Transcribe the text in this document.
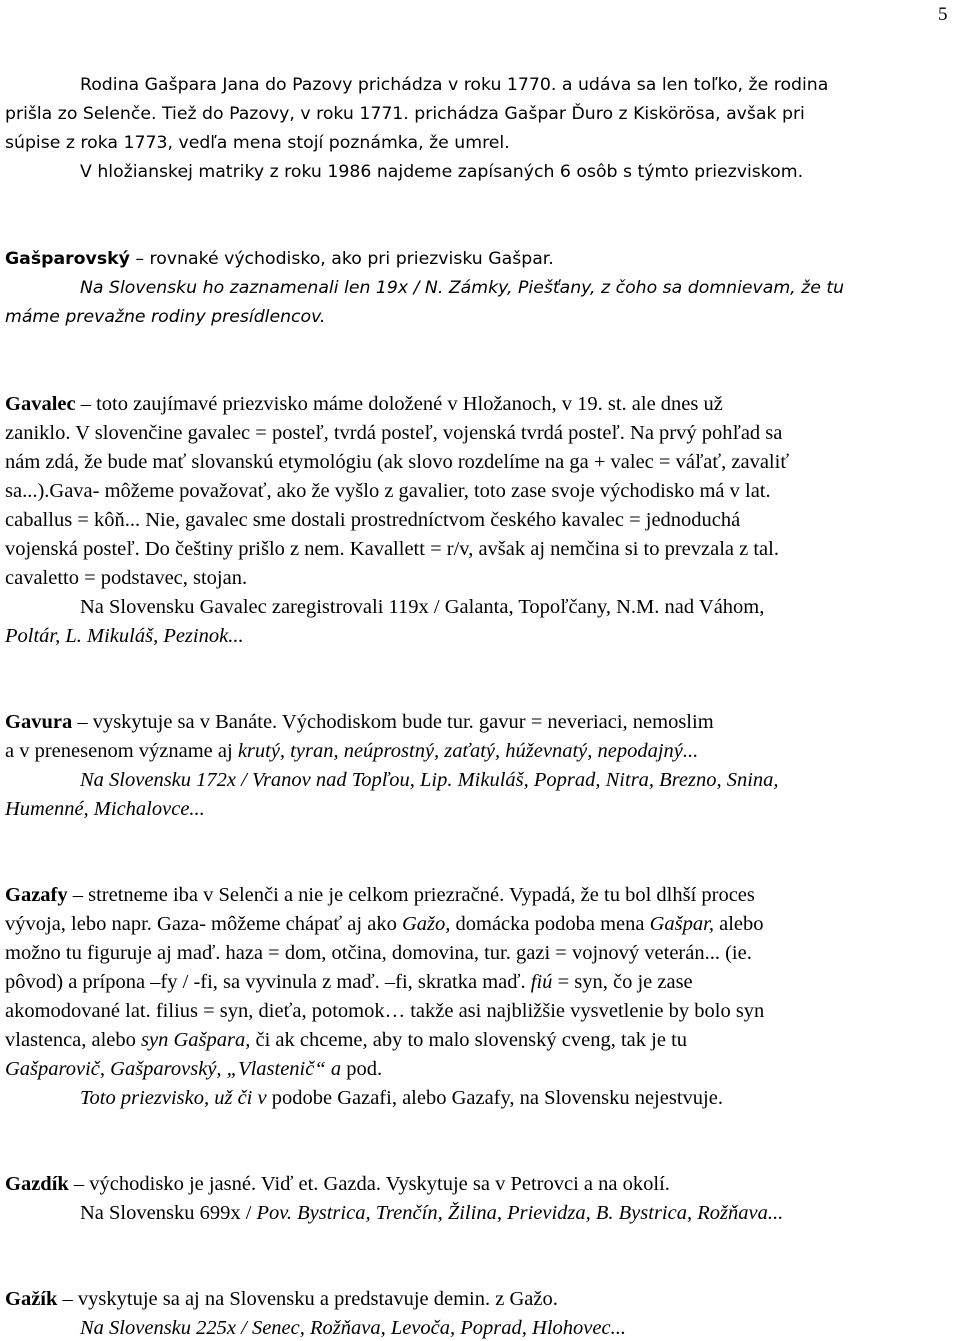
5
Rodina Gašpara Jana do Pazovy prichádza v roku 1770. a udáva sa len toľko, že rodina
prišla zo Selenče. Tiež do Pazovy, v roku 1771. prichádza Gašpar Ďuro z Kiskörösa, avšak pri
súpise z roka 1773, vedľa mena stojí poznámka, že umrel.
V hložianskej matriky z roku 1986 najdeme zapísaných 6 osôb s týmto priezviskom.
Gašparovský – rovnaké východisko, ako pri priezvisku Gašpar.
Na Slovensku ho zaznamenali len 19x / N. Zámky, Piešťany, z čoho sa domnievam, že tu
máme prevažne rodiny presídlencov.
Gavalec – toto zaujímavé priezvisko máme doložené v Hložanoch, v 19. st. ale dnes už
zaniklo. V slovenčine gavalec = posteľ, tvrdá posteľ, vojenská tvrdá posteľ. Na prvý pohľad sa
nám zdá, že bude mať slovanskú etymológiu (ak slovo rozdelíme na ga + valec = váľať, zavaliť
sa...).Gava- môžeme považovať, ako že vyšlo z gavalier, toto zase svoje východisko má v lat.
caballus = kôň... Nie, gavalec sme dostali prostredníctvom českého kavalec = jednoduchá
vojenská posteľ. Do češtiny prišlo z nem. Kavallett = r/v, avšak aj nemčina si to prevzala z tal.
cavaletto = podstavec, stojan.
Na Slovensku Gavalec zaregistrovali 119x / Galanta, Topoľčany, N.M. nad Váhom,
Poltár, L. Mikuláš, Pezinok...
Gavura – vyskytuje sa v Banáte. Východiskom bude tur. gavur = neveriaci, nemoslim
a v prenesenom význame aj krutý, tyran, neúprostný, zaťatý, húževnatý, nepodajný...
Na Slovensku 172x / Vranov nad Topľou, Lip. Mikuláš, Poprad, Nitra, Brezno, Snina,
Humenné, Michalovce...
Gazafy – stretneme iba v Selenči a nie je celkom priezračné. Vypadá, že tu bol dlhší proces
vývoja, lebo napr. Gaza- môžeme chápať aj ako Gažo, domácka podoba mena Gašpar, alebo
možno tu figuruje aj maď. haza = dom, otčina, domovina, tur. gazi = vojnový veterán... (ie.
pôvod) a prípona –fy / -fi, sa vyvinula z maď. –fi, skratka maď. fiú = syn, čo je zase
akomodované lat. filius = syn, dieťa, potomok… takže asi najbližšie vysvetlenie by bolo syn
vlastenca, alebo syn Gašpara, či ak chceme, aby to malo slovenský cveng, tak je tu
Gašparovič, Gašparovský, „Vlastenič“ a pod.
Toto priezvisko, už či v podobe Gazafi, alebo Gazafy, na Slovensku nejestvuje.
Gazdík – východisko je jasné. Viď et. Gazda. Vyskytuje sa v Petrovci a na okolí.
Na Slovensku 699x / Pov. Bystrica, Trenčín, Žilina, Prievidza, B. Bystrica, Rožňava...
Gažík – vyskytuje sa aj na Slovensku a predstavuje demin. z Gažo.
Na Slovensku 225x / Senec, Rožňava, Levoča, Poprad, Hlohovec...
